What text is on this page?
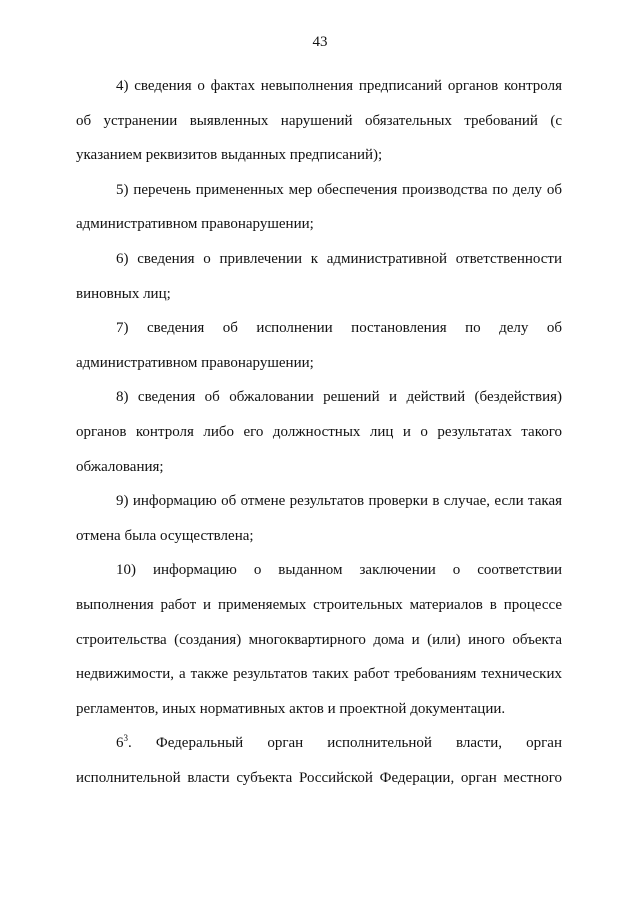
43

4) сведения о фактах невыполнения предписаний органов контроля об устранении выявленных нарушений обязательных требований (с указанием реквизитов выданных предписаний);

5) перечень примененных мер обеспечения производства по делу об административном правонарушении;

6) сведения о привлечении к административной ответственности виновных лиц;

7) сведения об исполнении постановления по делу об административном правонарушении;

8) сведения об обжаловании решений и действий (бездействия) органов контроля либо его должностных лиц и о результатах такого обжалования;

9) информацию об отмене результатов проверки в случае, если такая отмена была осуществлена;

10) информацию о выданном заключении о соответствии выполнения работ и применяемых строительных материалов в процессе строительства (создания) многоквартирного дома и (или) иного объекта недвижимости, а также результатов таких работ требованиям технических регламентов, иных нормативных актов и проектной документации.

$6^3$. Федеральный орган исполнительной власти, орган исполнительной власти субъекта Российской Федерации, орган местного
